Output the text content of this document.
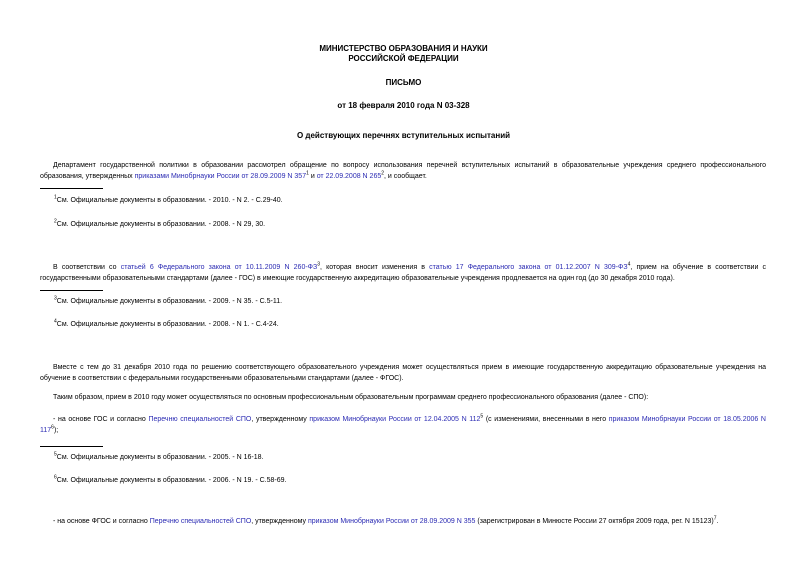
МИНИСТЕРСТВО ОБРАЗОВАНИЯ И НАУКИ
РОССИЙСКОЙ ФЕДЕРАЦИИ
ПИСЬМО
от 18 февраля 2010 года N 03-328
О действующих перечнях вступительных испытаний
Департамент государственной политики в образовании рассмотрел обращение по вопросу использования перечней вступительных испытаний в образовательные учреждения среднего профессионального образования, утвержденных приказами Минобрнауки России от 28.09.2009 N $357^1$ и от 22.09.2008 N $265^2$, и сообщает.
$^1$См. Официальные документы в образовании. - 2010. - N 2. - С.29-40.
$^2$См. Официальные документы в образовании. - 2008. - N 29, 30.
В соответствии со статьей 6 Федерального закона от 10.11.2009 N $260-ФЗ^3$, которая вносит изменения в статью 17 Федерального закона от 01.12.2007 N $309-ФЗ^4$, прием на обучение в соответствии с государственными образовательными стандартами (далее - ГОС) в имеющие государственную аккредитацию образовательные учреждения продлевается на один год (до 30 декабря 2010 года).
$^3$См. Официальные документы в образовании. - 2009. - N 35. - С.5-11.
$^4$См. Официальные документы в образовании. - 2008. - N 1. - С.4-24.
Вместе с тем до 31 декабря 2010 года по решению соответствующего образовательного учреждения может осуществляться прием в имеющие государственную аккредитацию образовательные учреждения на обучение в соответствии с федеральными государственными образовательными стандартами (далее - ФГОС).
Таким образом, прием в 2010 году может осуществляться по основным профессиональным образовательным программам среднего профессионального образования (далее - СПО):
- на основе ГОС и согласно Перечню специальностей СПО, утвержденному приказом Минобрнауки России от 12.04.2005 N $112^5$ (с изменениями, внесенными в него приказом Минобрнауки России от 18.05.2006 N $117^6$);
$^5$См. Официальные документы в образовании. - 2005. - N 16-18.
$^6$См. Официальные документы в образовании. - 2006. - N 19. - С.58-69.
- на основе ФГОС и согласно Перечню специальностей СПО, утвержденному приказом Минобрнауки России от 28.09.2009 N 355 (зарегистрирован в Минюсте России 27 октября 2009 года, рег. N 15123)$^7$.
